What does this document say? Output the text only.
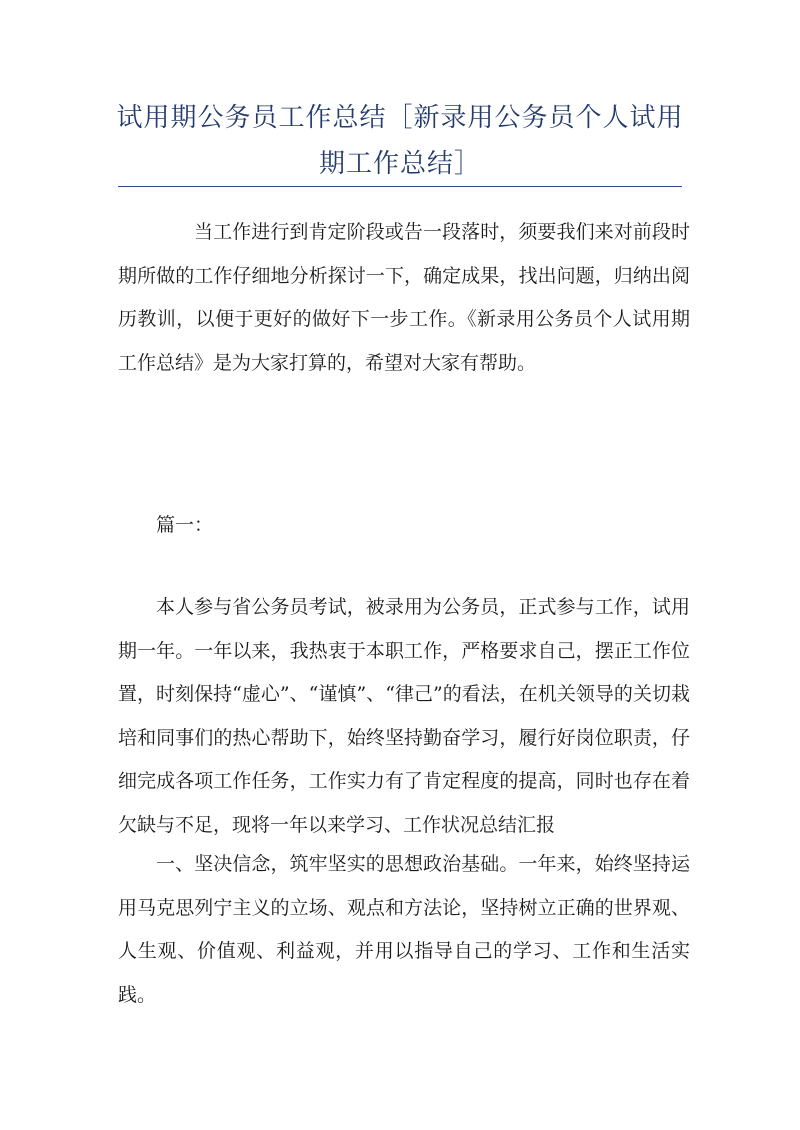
试用期公务员工作总结［新录用公务员个人试用期工作总结］

当工作进行到肯定阶段或告一段落时，须要我们来对前段时期所做的工作仔细地分析探讨一下，确定成果，找出问题，归纳出阅历教训，以便于更好的做好下一步工作。《新录用公务员个人试用期工作总结》是为大家打算的，希望对大家有帮助。

篇一：

本人参与省公务员考试，被录用为公务员，正式参与工作，试用期一年。一年以来，我热衷于本职工作，严格要求自己，摆正工作位置，时刻保持“虚心”、“谨慎”、“律己”的看法，在机关领导的关切栽培和同事们的热心帮助下，始终坚持勤奋学习，履行好岗位职责，仔细完成各项工作任务，工作实力有了肯定程度的提高，同时也存在着欠缺与不足，现将一年以来学习、工作状况总结汇报

一、坚决信念，筑牢坚实的思想政治基础。一年来，始终坚持运用马克思列宁主义的立场、观点和方法论，坚持树立正确的世界观、人生观、价值观、利益观，并用以指导自己的学习、工作和生活实践。
